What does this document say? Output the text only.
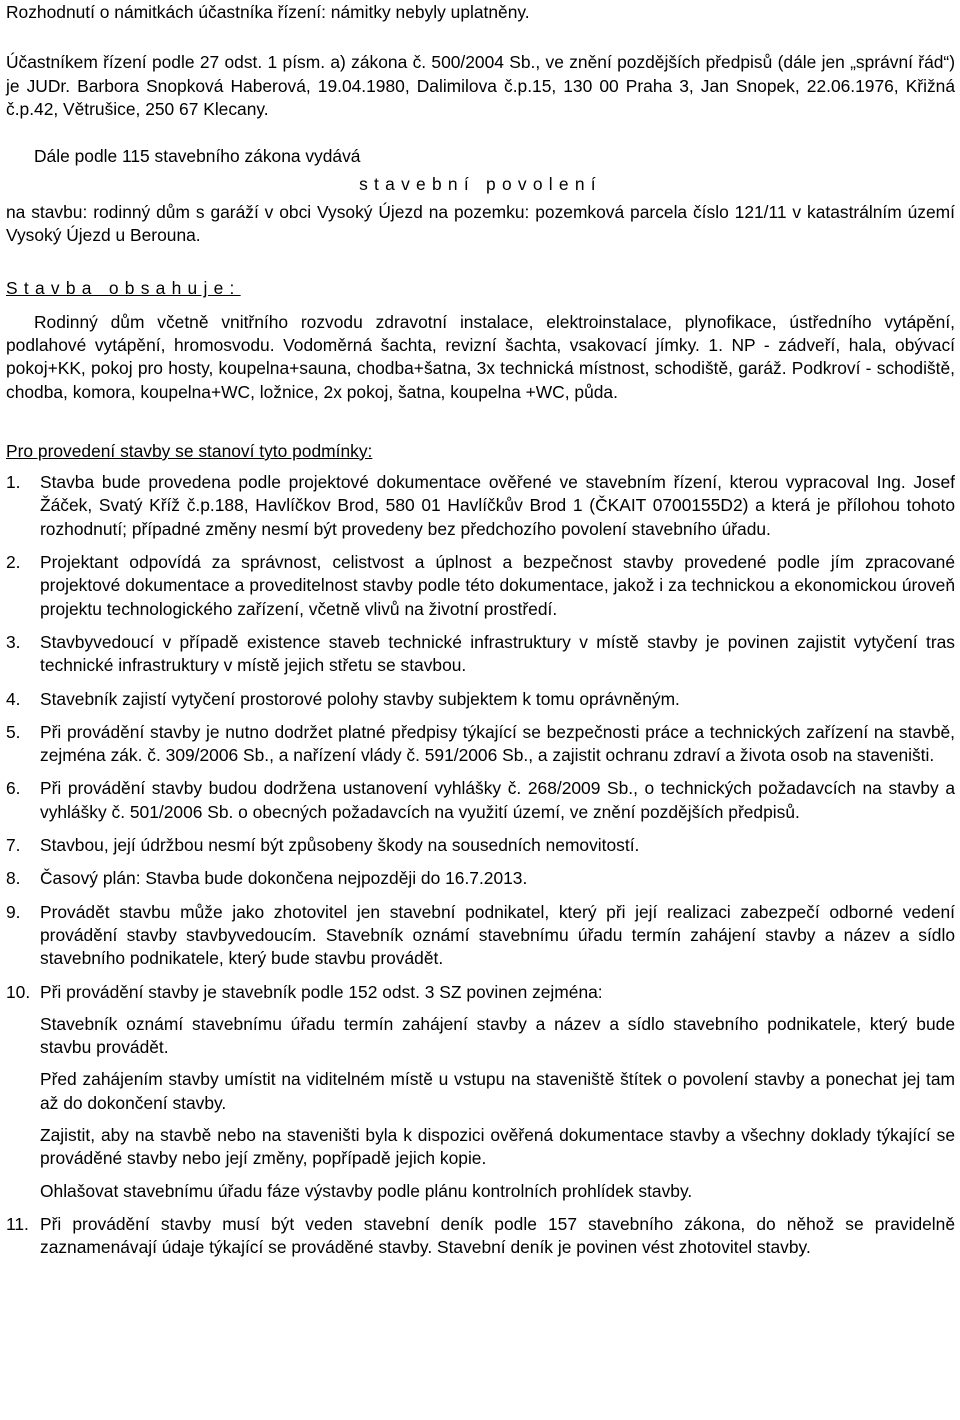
Rozhodnutí o námitkách účastníka řízení: námitky nebyly uplatněny.

Účastníkem řízení podle 27 odst. 1 písm. a) zákona č. 500/2004 Sb., ve znění pozdějších předpisů (dále jen „správní řád“) je JUDr. Barbora Snopková Haberová, 19.04.1980, Dalimilova č.p.15, 130 00 Praha 3, Jan Snopek, 22.06.1976, Křižná č.p.42, Větrušice, 250 67 Klecany.

Dále podle 115 stavebního zákona vydává

stavební povolení

na stavbu: rodinný dům s garáží v obci Vysoký Újezd na pozemku: pozemková parcela číslo 121/11 v katastrálním území Vysoký Újezd u Berouna.

Stavba obsahuje:

Rodinný dům včetně vnitřního rozvodu zdravotní instalace, elektroinstalace, plynofikace, ústředního vytápění, podlahové vytápění, hromosvodu. Vodoměrná šachta, revizní šachta, vsakovací jímky. 1. NP - zádveří, hala, obývací pokoj+KK, pokoj pro hosty, koupelna+sauna, chodba+šatna, 3x technická místnost, schodiště, garáž. Podkroví - schodiště, chodba, komora, koupelna+WC, ložnice, 2x pokoj, šatna, koupelna +WC, půda.

Pro provedení stavby se stanoví tyto podmínky:

1.	Stavba bude provedena podle projektové dokumentace ověřené ve stavebním řízení, kterou vypracoval Ing. Josef Žáček, Svatý Kříž č.p.188, Havlíčkov Brod, 580 01 Havlíčkův Brod 1 (ČKAIT 0700155D2) a která je přílohou tohoto rozhodnutí; případné změny nesmí být provedeny bez předchozího povolení stavebního úřadu.

2.	Projektant odpovídá za správnost, celistvost a úplnost a bezpečnost stavby provedené podle jím zpracované projektové dokumentace a proveditelnost stavby podle této dokumentace, jakož i za technickou a ekonomickou úroveň projektu technologického zařízení, včetně vlivů na životní prostředí.

3.	Stavbyvedoucí v případě existence staveb technické infrastruktury v místě stavby je povinen zajistit vytyčení tras technické infrastruktury v místě jejich střetu se stavbou.

4.	Stavebník zajistí vytyčení prostorové polohy stavby subjektem k tomu oprávněným.

5.	Při provádění stavby je nutno dodržet platné předpisy týkající se bezpečnosti práce a technických zařízení na stavbě, zejména zák. č. 309/2006 Sb., a nařízení vlády č. 591/2006 Sb., a zajistit ochranu zdraví a života osob na staveništi.

6.	Při provádění stavby budou dodržena ustanovení vyhlášky č. 268/2009 Sb., o technických požadavcích na stavby a vyhlášky č. 501/2006 Sb. o obecných požadavcích na využití území, ve znění pozdějších předpisů.

7.	Stavbou, její údržbou nesmí být způsobeny škody na sousedních nemovitostí.

8.	Časový plán: Stavba bude dokončena nejpozději do 16.7.2013.

9.	Provádět stavbu může jako zhotovitel jen stavební podnikatel, který při její realizaci zabezpečí odborné vedení provádění stavby stavbyvedoucím. Stavebník oznámí stavebnímu úřadu termín zahájení stavby a název a sídlo stavebního podnikatele, který bude stavbu provádět.

10. Při provádění stavby je stavebník podle 152 odst. 3 SZ povinen zejména:

Stavebník oznámí stavebnímu úřadu termín zahájení stavby a název a sídlo stavebního podnikatele, který bude stavbu provádět.

Před zahájením stavby umístit na viditelném místě u vstupu na staveniště štítek o povolení stavby a ponechat jej tam až do dokončení stavby.

Zajistit, aby na stavbě nebo na staveništi byla k dispozici ověřená dokumentace stavby a všechny doklady týkající se prováděné stavby nebo její změny, popřípadě jejich kopie.

Ohlašovat stavebnímu úřadu fáze výstavby podle plánu kontrolních prohlídek stavby.

11. Při provádění stavby musí být veden stavební deník podle 157 stavebního zákona, do něhož se pravidelně zaznamenávají údaje týkající se prováděné stavby. Stavební deník je povinen vést zhotovitel stavby.
